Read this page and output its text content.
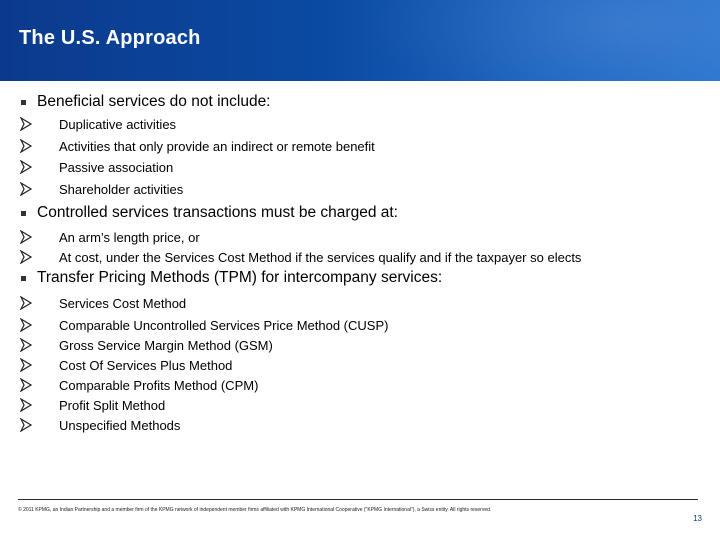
The U.S. Approach
Beneficial services do not include:
Duplicative activities
Activities that only provide an indirect or remote benefit
Passive association
Shareholder activities
Controlled services transactions must be charged at:
An arm’s length price, or
At cost, under the Services Cost Method if the services qualify and if the taxpayer so elects
Transfer Pricing Methods (TPM) for intercompany services:
Services Cost Method
Comparable Uncontrolled Services Price Method (CUSP)
Gross Service Margin Method (GSM)
Cost Of Services Plus Method
Comparable Profits Method (CPM)
Profit Split Method
Unspecified Methods
© 2011 KPMG, an Indian Partnership and a member firm of the KPMG network of independent member firms affiliated with KPMG International Cooperative ("KPMG International"), a Swiss entity. All rights reserved.
13
